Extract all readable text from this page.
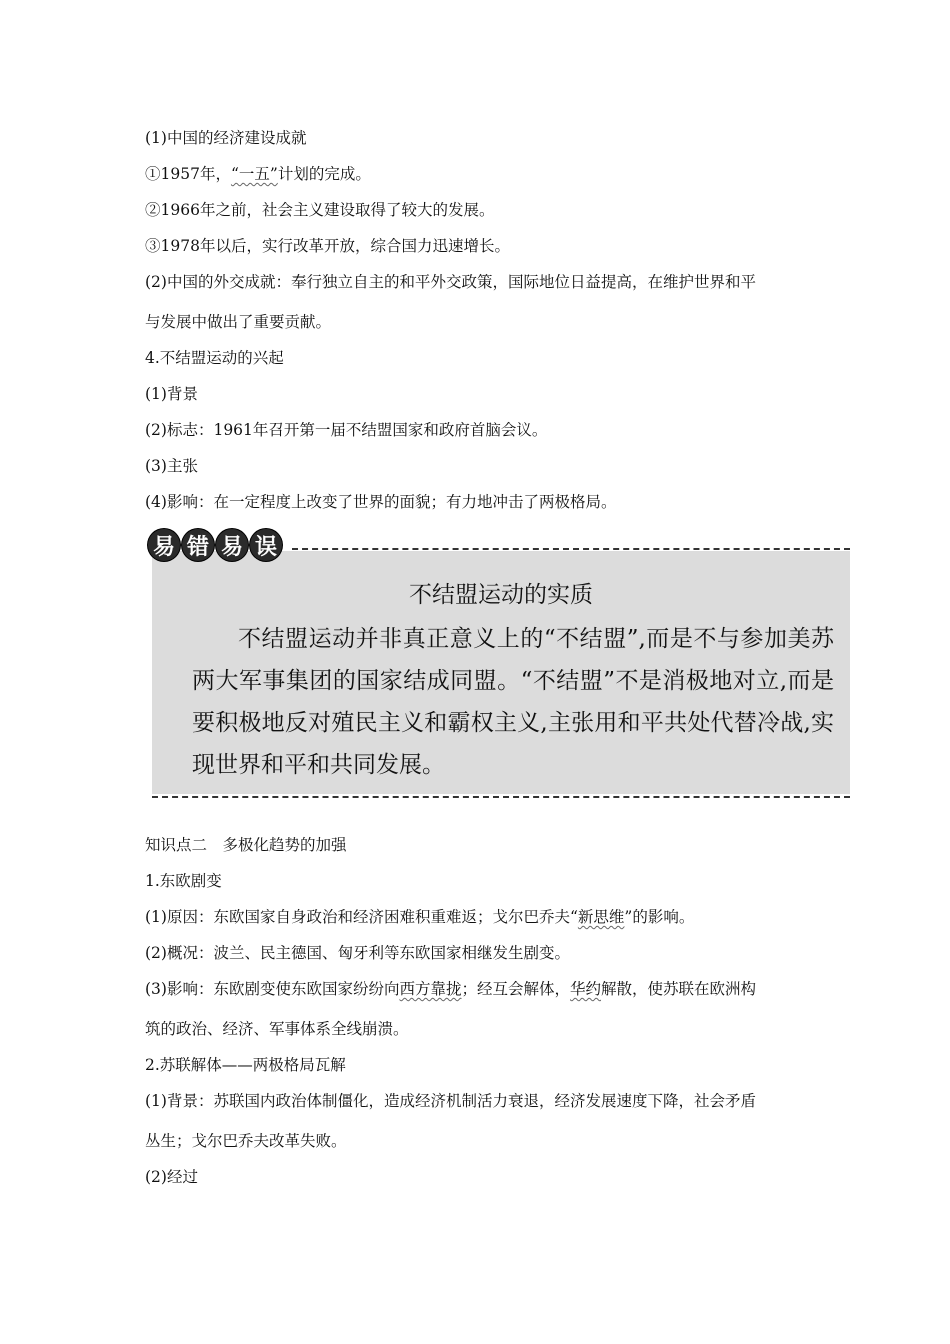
(1)中国的经济建设成就
①1957年，“一五”计划的完成。
②1966年之前，社会主义建设取得了较大的发展。
③1978年以后，实行改革开放，综合国力迅速增长。
(2)中国的外交成就：奉行独立自主的和平外交政策，国际地位日益提高，在维护世界和平
与发展中做出了重要贡献。
4.不结盟运动的兴起
(1)背景
(2)标志：1961年召开第一届不结盟国家和政府首脑会议。
(3)主张
(4)影响：在一定程度上改变了世界的面貌；有力地冲击了两极格局。
易 错 易 误
不结盟运动的实质
不结盟运动并非真正意义上的“不结盟”,而是不与参加美苏两大军事集团的国家结成同盟。“不结盟”不是消极地对立,而是要积极地反对殖民主义和霸权主义,主张用和平共处代替冷战,实现世界和平和共同发展。
知识点二　多极化趋势的加强
1.东欧剧变
(1)原因：东欧国家自身政治和经济困难积重难返；戈尔巴乔夫“新思维”的影响。
(2)概况：波兰、民主德国、匈牙利等东欧国家相继发生剧变。
(3)影响：东欧剧变使东欧国家纷纷向西方靠拢；经互会解体，华约解散，使苏联在欧洲构
筑的政治、经济、军事体系全线崩溃。
2.苏联解体——两极格局瓦解
(1)背景：苏联国内政治体制僵化，造成经济机制活力衰退，经济发展速度下降，社会矛盾
丛生；戈尔巴乔夫改革失败。
(2)经过
